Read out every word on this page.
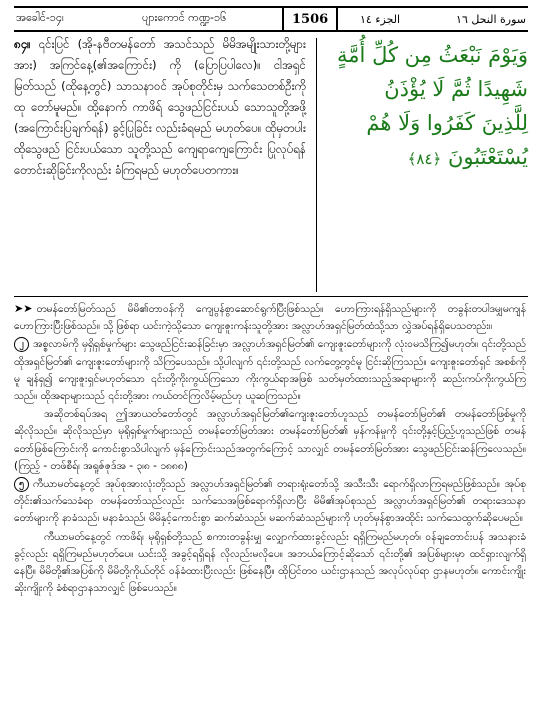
အခေါင်-၁၄၊	ပျားကောင် ကဏ္ဍ-၁၆	1506	الجزء ١٤	سورة النحل ١٦
၈၄။ ၎င်းပြင် (အို-နဗီတမန်တော် အသင်သည် မိမိအမျိုးသားတို့များအား) အကြင်နေ့(၏အကြောင်း) ကို (ပြောပြပါလေ)။ ငါအရှင်မြတ်သည် (ထိုနေ့တွင်) သာသနာဝင် အုပ်စုတိုင်းမှ သက်သေတစ်ဦးကို ထု တော်မူမည်။ ထို့နောက် ကာဖိရ် သွေဖည်ငြင်းပယ် သောသူတို့အဖို့ (အကြောင်းပြချက်ရန်) ခွင့်ပြုခြင်း လည်းခံရမည် မဟုတ်ပေ။ ထိုမှတပါး ထိုသွေဖည် ငြင်းပယ်သော သူတို့သည် ကျေရာကျေကြောင်း ပြုလုပ်ရန် တောင်းဆိုခြင်းကိုလည်း ခံကြရမည် မဟုတ်ပေတကား။
وَيَوْمَ نَبْعَثُ مِن كُلِّ أُمَّةٍ
شَهِيدًا ثُمَّ لَا يُؤْذَنُ
لِلَّذِينَ كَفَرُوا وَلَا هُمْ
يُسْتَعْتَبُونَ ﴿٨٤﴾

➤➤ တမန်တော်မြတ်သည် မိမိ၏တာဝန်ကို ကျေပွန်စွာဆောင်ရွက်ပြီးဖြစ်သည်။ ဟောကြားရန်ရှိသည်များကို တခွန်းတပါဒမျှမကျန် ဟောကြားပြီးဖြစ်သည်။ သို့ဖြစ်ရာ ယင်းကဲ့သို့သော ကျေးဇူးကန်းသူတို့အား အလ္လာဟ်အရှင်မြတ်ထံသို့သာ လွှဲအပ်ရန်ရှိပေသတည်း။

၂ အစ္စလာမ်ကို မှရှိရှစ်မှုက်များ သွေဖည်ငြင်းဆန်ခြင်းမှာ အလ္လာဟ်အရှင်မြတ်၏ ကျေးဇူးတော်များကို လုံးဝမသိကြ၍မဟုတ်။ ၎င်းတို့သည် ထိုအရှင်မြတ်၏ ကျေးဇူးတော်များကို သိကြပေသည်။ သို့ပါလျက် ၎င်းတို့သည် လက်တွေ့တွင်မူ ငြင်းဆိုကြသည်။ ကျေးဇူးတော်ရှင် အစစ်ကိုမူ ချန်ရှ၍ ကျေးဇူးရှင်မဟုတ်သော ၎င်းတို့ကိုးကွယ်ကြသော ကိုးကွယ်ရာအဖြစ် သတ်မှတ်ထားသည့်အရာများကို ဆည်းကပ်ကိုးကွယ်ကြသည်။ ထိုအရာများသည် ၎င်းတို့အား ကယ်တင်ကြလိမ့်မည်ဟု ယူဆကြသည်။

အဆိုတစ်ရပ်အရ ဤအာယတ်တော်တွင် အလ္လာဟ်အရှင်မြတ်၏ကျေးဇူးတော်ဟူသည် တမန်တော်မြတ်၏ တမန်တော်ဖြစ်မှုကိုဆိုလိုသည်။ ဆိုလိုသည်မှာ မုရိုရှစ်မှုက်များသည် တမန်တော်မြတ်အား တမန်တော်မြတ်၏ မှန်ကန်မှုကို ၎င်းတို့နှင့်ပြည့်ဟူသည်ဖြစ် တမန်တော်ဖြစ်ကြောင်းကို ကောင်းစွာသိပါလျက် မှန်ကြောင်းသည်အတွက်ကြောင့် သာလျှင် တမန်တော်မြတ်အား သွေဖည်ငြင်းဆန်ကြလေသည်။ (ကြည့် - တဖ်စီရ်၊ အရူဇ်ဇုဒ်အ - ၃၊၈ - ၁၈၈၈)

၅ ကီယာမတ်နေ့တွင် အုပ်စုအားလုံးတို့သည် အလ္လာဟ်အရှင်မြတ်၏ တရားရုံးတော်သို့ အသီးသီး ရောက်ရှိလာကြရမည်ဖြစ်သည်။ အုပ်စုတိုင်း၏သက်သေခံရာ တမန်တော်သည်လည်း သက်သေအဖြစ်ရောက်ရှိလာပြီး မိမိ၏အုပ်စုသည် အလ္လာဟ်အရှင်မြတ်၏ တရားဒေသနာတော်များကို နာခံသည်၊ မနာခံသည်၊ မိမိနှင့်ကောင်းစွာ ဆက်ဆံသည်၊ မဆက်ဆံသည်များကို ဟုတ်မှန်စွာအထိုင်း သက်သေထွက်ဆိုပေမည်။

ကီယာမတ်နေ့တွင် ကာဖိရ်၊ မုရိုရှစ်တို့သည် စကားတခွန်းမျှ လျှောက်ထားခွင့်လည်း ရရှိကြမည်မဟုတ်၊ ဝန်ချတောင်းပန် အသနားခံခွင့်လည်း ရရှိကြမည်မဟုတ်ပေ။ ယင်းသို့ အခွင့်ရရှိရန် လိုလည်းမလိုပေ။ အဘယ်ကြောင့်ဆိုသော် ၎င်းတို့၏ အပြစ်များမှာ ထင်ရှားလျက်ရှိနေပြီ။ မိမိတို့၏အပြစ်ကို မိမိတို့ကိုယ်တိုင် ဝန်ခံထားပြီးလည်း ဖြစ်နေပြီ။ ထိုပြင်တဝ ယင်းဌာနသည် အလုပ်လုပ်ရာ ဌာနမဟုတ်။ ကောင်းကျိုးဆိုးကျိုးကို ခံစံရာဌာနသာလျှင် ဖြစ်ပေသည်။
